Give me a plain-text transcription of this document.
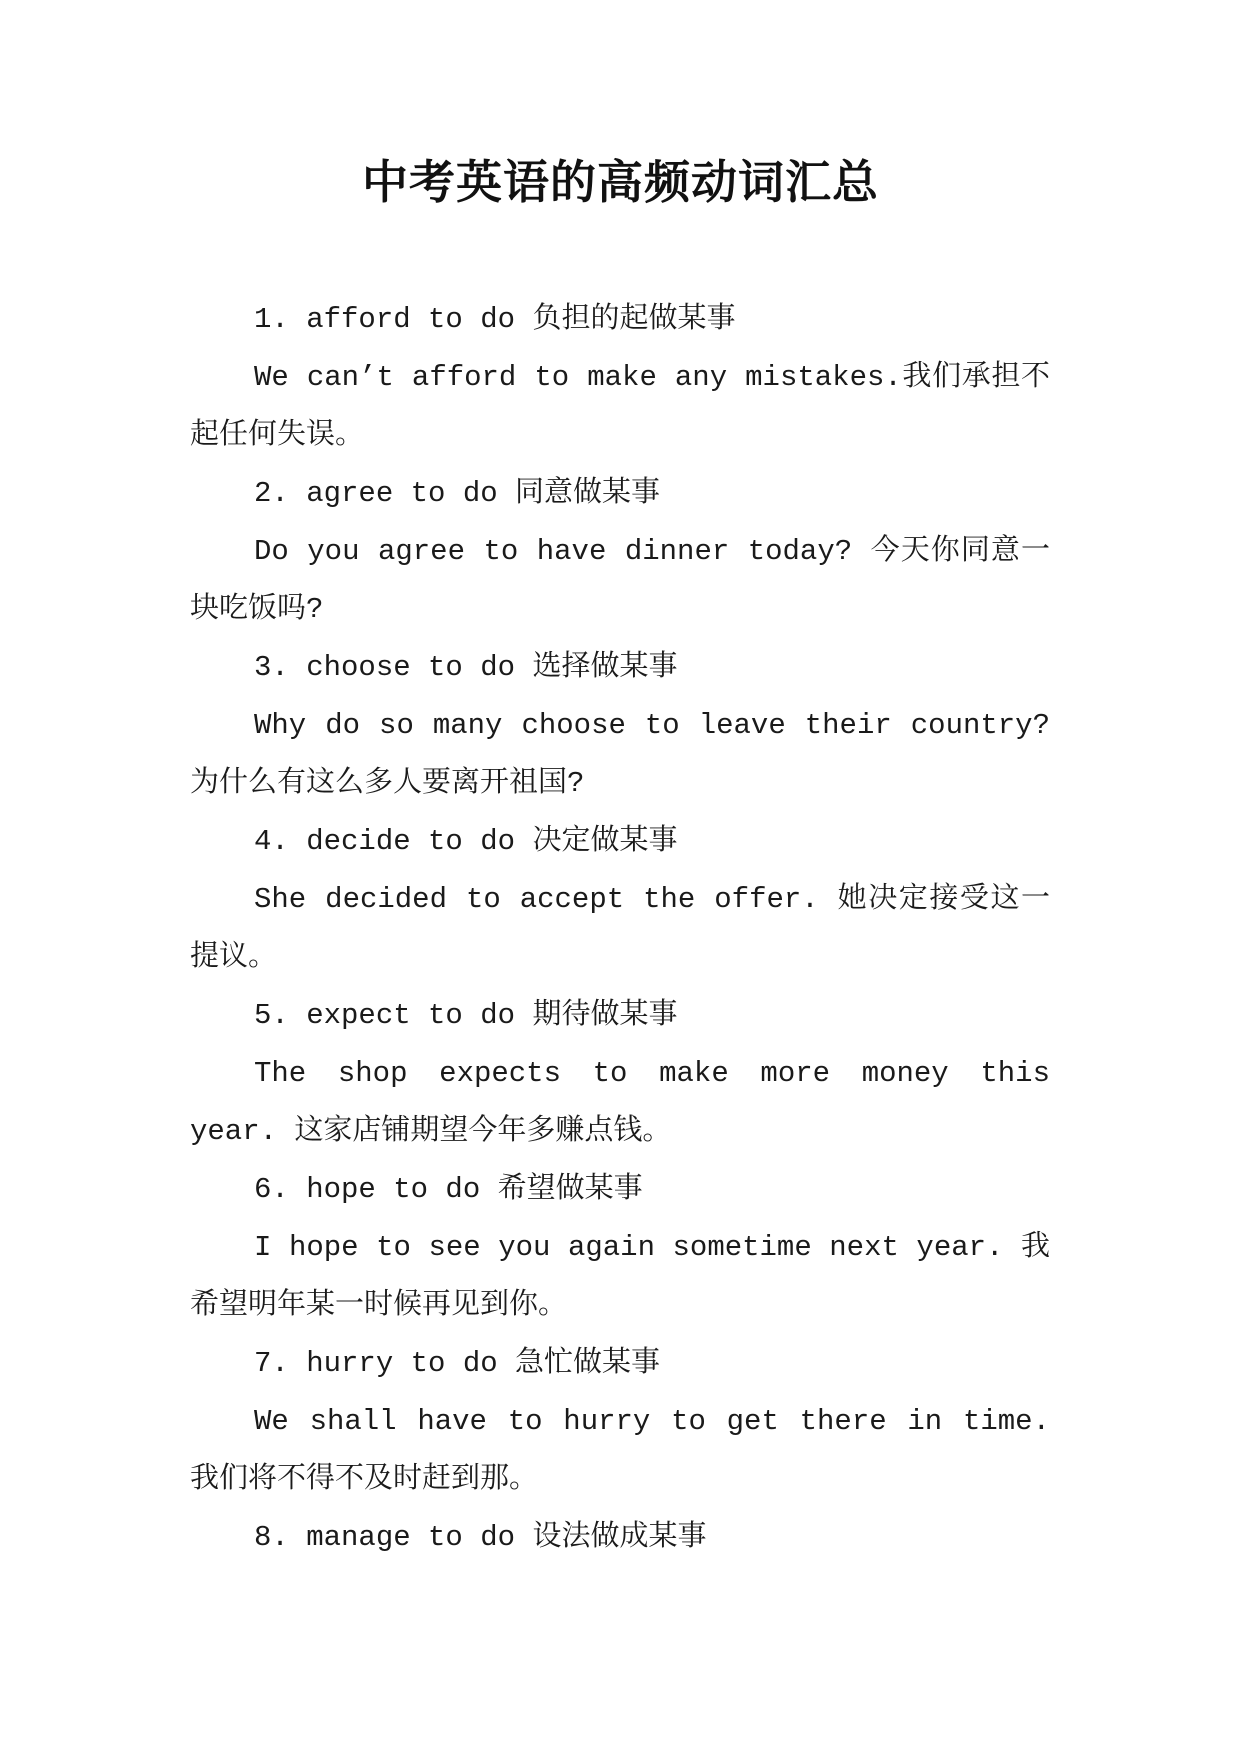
中考英语的高频动词汇总

1. afford to do 负担的起做某事

We can’t afford to make any mistakes.我们承担不起任何失误。

2. agree to do 同意做某事

Do you agree to have dinner today? 今天你同意一块吃饭吗?

3. choose to do 选择做某事

Why do so many choose to leave their country? 为什么有这么多人要离开祖国?

4. decide to do 决定做某事

She decided to accept the offer. 她决定接受这一提议。

5. expect to do 期待做某事

The shop expects to make more money this year. 这家店铺期望今年多赚点钱。

6. hope to do 希望做某事

I hope to see you again sometime next year. 我希望明年某一时候再见到你。

7. hurry to do 急忙做某事

We shall have to hurry to get there in time. 我们将不得不及时赶到那。

8. manage to do 设法做成某事
